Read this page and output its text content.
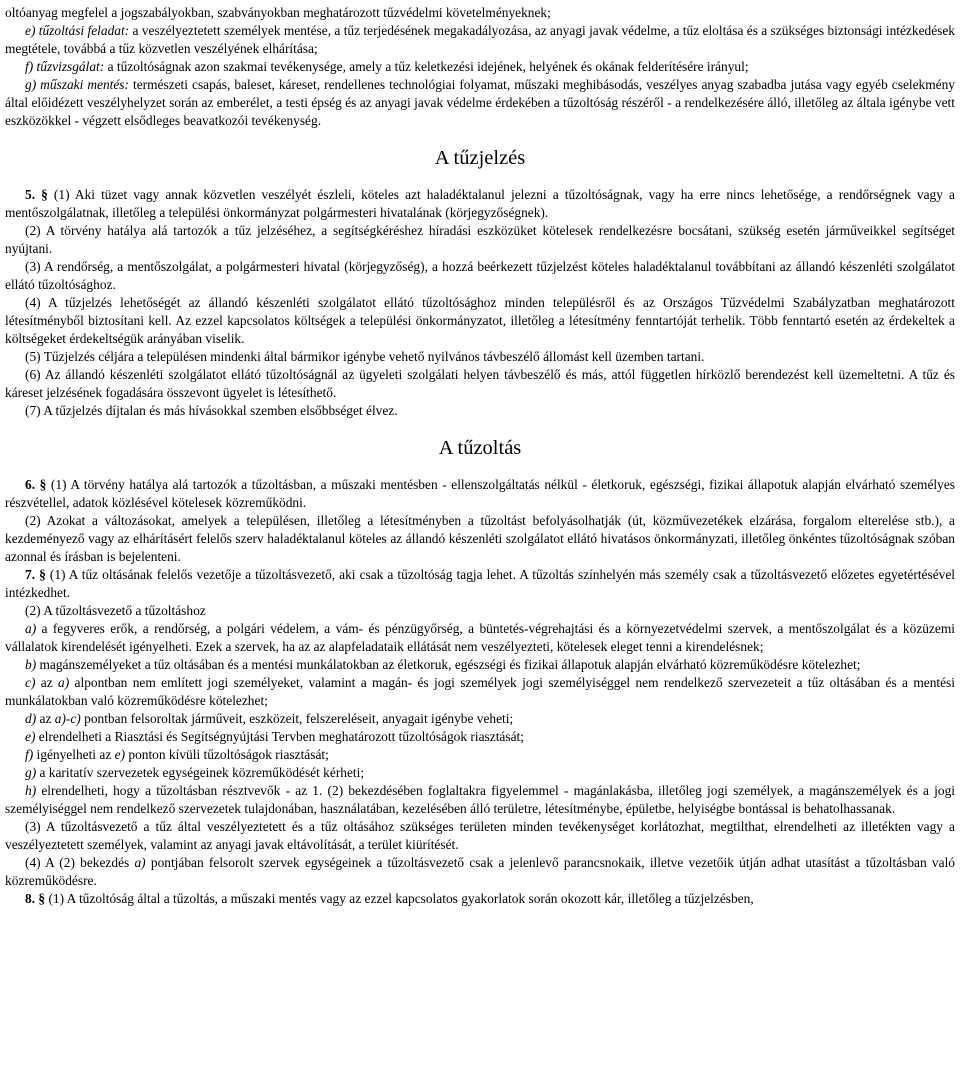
oltóanyag megfelel a jogszabályokban, szabványokban meghatározott tűzvédelmi követelményeknek;

e) tűzoltási feladat: a veszélyeztetett személyek mentése, a tűz terjedésének megakadályozása, az anyagi javak védelme, a tűz eloltása és a szükséges biztonsági intézkedések megtétele, továbbá a tűz közvetlen veszélyének elhárítása;

f) tűzvizsgálat: a tűzoltóságnak azon szakmai tevékenysége, amely a tűz keletkezési idejének, helyének és okának felderítésére irányul;

g) műszaki mentés: természeti csapás, baleset, káreset, rendellenes technológiai folyamat, műszaki meghibásodás, veszélyes anyag szabadba jutása vagy egyéb cselekmény által előidézett veszélyhelyzet során az emberélet, a testi épség és az anyagi javak védelme érdekében a tűzoltóság részéről - a rendelkezésére álló, illetőleg az általa igénybe vett eszközökkel - végzett elsődleges beavatkozói tevékenység.

A tűzjelzés

5. § (1) Aki tüzet vagy annak közvetlen veszélyét észleli, köteles azt haladéktalanul jelezni a tűzoltóságnak, vagy ha erre nincs lehetősége, a rendőrségnek vagy a mentőszolgálatnak, illetőleg a települési önkormányzat polgármesteri hivatalának (körjegyzőségnek).

(2) A törvény hatálya alá tartozók a tűz jelzéséhez, a segítségkéréshez híradási eszközüket kötelesek rendelkezésre bocsátani, szükség esetén járműveikkel segítséget nyújtani.

(3) A rendőrség, a mentőszolgálat, a polgármesteri hivatal (körjegyzőség), a hozzá beérkezett tűzjelzést köteles haladéktalanul továbbítani az állandó készenléti szolgálatot ellátó tűzoltósághoz.

(4) A tűzjelzés lehetőségét az állandó készenléti szolgálatot ellátó tűzoltósághoz minden településről és az Országos Tűzvédelmi Szabályzatban meghatározott létesítményből biztosítani kell. Az ezzel kapcsolatos költségek a települési önkormányzatot, illetőleg a létesítmény fenntartóját terhelik. Több fenntartó esetén az érdekeltek a költségeket érdekeltségük arányában viselik.

(5) Tűzjelzés céljára a településen mindenki által bármikor igénybe vehető nyilvános távbeszélő állomást kell üzemben tartani.

(6) Az állandó készenléti szolgálatot ellátó tűzoltóságnál az ügyeleti szolgálati helyen távbeszélő és más, attól független hírközlő berendezést kell üzemeltetni. A tűz és káreset jelzésének fogadására összevont ügyelet is létesíthető.

(7) A tűzjelzés díjtalan és más hívásokkal szemben elsőbbséget élvez.

A tűzoltás

6. § (1) A törvény hatálya alá tartozók a tűzoltásban, a műszaki mentésben - ellenszolgáltatás nélkül - életkoruk, egészségi, fizikai állapotuk alapján elvárható személyes részvétellel, adatok közlésével kötelesek közreműködni.

(2) Azokat a változásokat, amelyek a településen, illetőleg a létesítményben a tűzoltást befolyásolhatják (út, közművezetékek elzárása, forgalom elterelése stb.), a kezdeményező vagy az elhárításért felelős szerv haladéktalanul köteles az állandó készenléti szolgálatot ellátó hivatásos önkormányzati, illetőleg önkéntes tűzoltóságnak szóban azonnal és írásban is bejelenteni.

7. § (1) A tűz oltásának felelős vezetője a tűzoltásvezető, aki csak a tűzoltóság tagja lehet. A tűzoltás színhelyén más személy csak a tűzoltásvezető előzetes egyetértésével intézkedhet.

(2) A tűzoltásvezető a tűzoltáshoz

a) a fegyveres erők, a rendőrség, a polgári védelem, a vám- és pénzügyőrség, a büntetés-végrehajtási és a környezetvédelmi szervek, a mentőszolgálat és a közüzemi vállalatok kirendelését igényelheti. Ezek a szervek, ha az az alapfeladataik ellátását nem veszélyezteti, kötelesek eleget tenni a kirendelésnek;

b) magánszemélyeket a tűz oltásában és a mentési munkálatokban az életkoruk, egészségi és fizikai állapotuk alapján elvárható közreműködésre kötelezhet;

c) az a) alpontban nem említett jogi személyeket, valamint a magán- és jogi személyek jogi személyiséggel nem rendelkező szervezeteit a tűz oltásában és a mentési munkálatokban való közreműködésre kötelezhet;

d) az a)-c) pontban felsoroltak járműveit, eszközeit, felszereléseit, anyagait igénybe veheti;

e) elrendelheti a Riasztási és Segítségnyújtási Tervben meghatározott tűzoltóságok riasztását;

f) igényelheti az e) ponton kívüli tűzoltóságok riasztását;

g) a karitatív szervezetek egységeinek közreműködését kérheti;

h) elrendelheti, hogy a tűzoltásban résztvevők - az 1. (2) bekezdésében foglaltakra figyelemmel - magánlakásba, illetőleg jogi személyek, a magánszemélyek és a jogi személyiséggel nem rendelkező szervezetek tulajdonában, használatában, kezelésében álló területre, létesítménybe, épületbe, helyiségbe bontással is behatolhassanak.

(3) A tűzoltásvezető a tűz által veszélyeztetett és a tűz oltásához szükséges területen minden tevékenységet korlátozhat, megtilthat, elrendelheti az illetékten vagy a veszélyeztetett személyek, valamint az anyagi javak eltávolítását, a terület kiürítését.

(4) A (2) bekezdés a) pontjában felsorolt szervek egységeinek a tűzoltásvezető csak a jelenlevő parancsnokaik, illetve vezetőik útján adhat utasítást a tűzoltásban való közreműködésre.

8. § (1) A tűzoltóság által a tűzoltás, a műszaki mentés vagy az ezzel kapcsolatos gyakorlatok során okozott kár, illetőleg a tűzjelzésben,
